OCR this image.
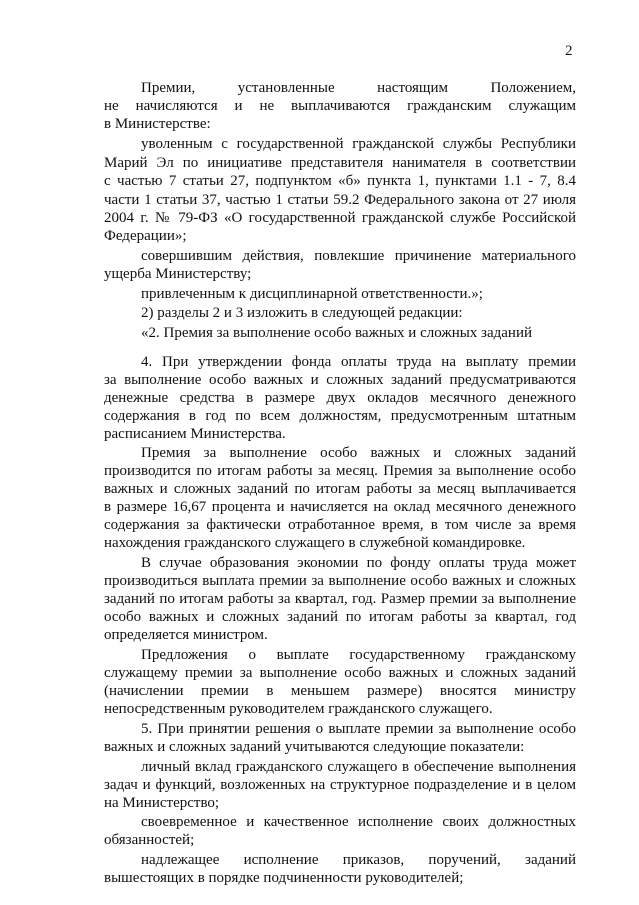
2
Премии, установленные настоящим Положением,
не начисляются и не выплачиваются гражданским служащим
в Министерстве:
уволенным с государственной гражданской службы Республики
Марий Эл по инициативе представителя нанимателя в соответствии
с частью 7 статьи 27, подпунктом «б» пункта 1, пунктами 1.1 - 7, 8.4
части 1 статьи 37, частью 1 статьи 59.2 Федерального закона от 27 июля
2004 г. № 79-ФЗ «О государственной гражданской службе Российской
Федерации»;
совершившим действия, повлекшие причинение материального
ущерба Министерству;
привлеченным к дисциплинарной ответственности.»;
2) разделы 2 и 3 изложить в следующей редакции:
«2. Премия за выполнение особо важных и сложных заданий
4. При утверждении фонда оплаты труда на выплату премии
за выполнение особо важных и сложных заданий предусматриваются
денежные средства в размере двух окладов месячного денежного
содержания в год по всем должностям, предусмотренным штатным
расписанием Министерства.
Премия за выполнение особо важных и сложных заданий
производится по итогам работы за месяц. Премия за выполнение особо
важных и сложных заданий по итогам работы за месяц выплачивается
в размере 16,67 процента и начисляется на оклад месячного денежного
содержания за фактически отработанное время, в том числе за время
нахождения гражданского служащего в служебной командировке.
В случае образования экономии по фонду оплаты труда может
производиться выплата премии за выполнение особо важных и сложных
заданий по итогам работы за квартал, год. Размер премии за выполнение
особо важных и сложных заданий по итогам работы за квартал, год
определяется министром.
Предложения о выплате государственному гражданскому
служащему премии за выполнение особо важных и сложных заданий
(начислении премии в меньшем размере) вносятся министру
непосредственным руководителем гражданского служащего.
5. При принятии решения о выплате премии за выполнение особо
важных и сложных заданий учитываются следующие показатели:
личный вклад гражданского служащего в обеспечение выполнения
задач и функций, возложенных на структурное подразделение и в целом
на Министерство;
своевременное и качественное исполнение своих должностных
обязанностей;
надлежащее исполнение приказов, поручений, заданий
вышестоящих в порядке подчиненности руководителей;
